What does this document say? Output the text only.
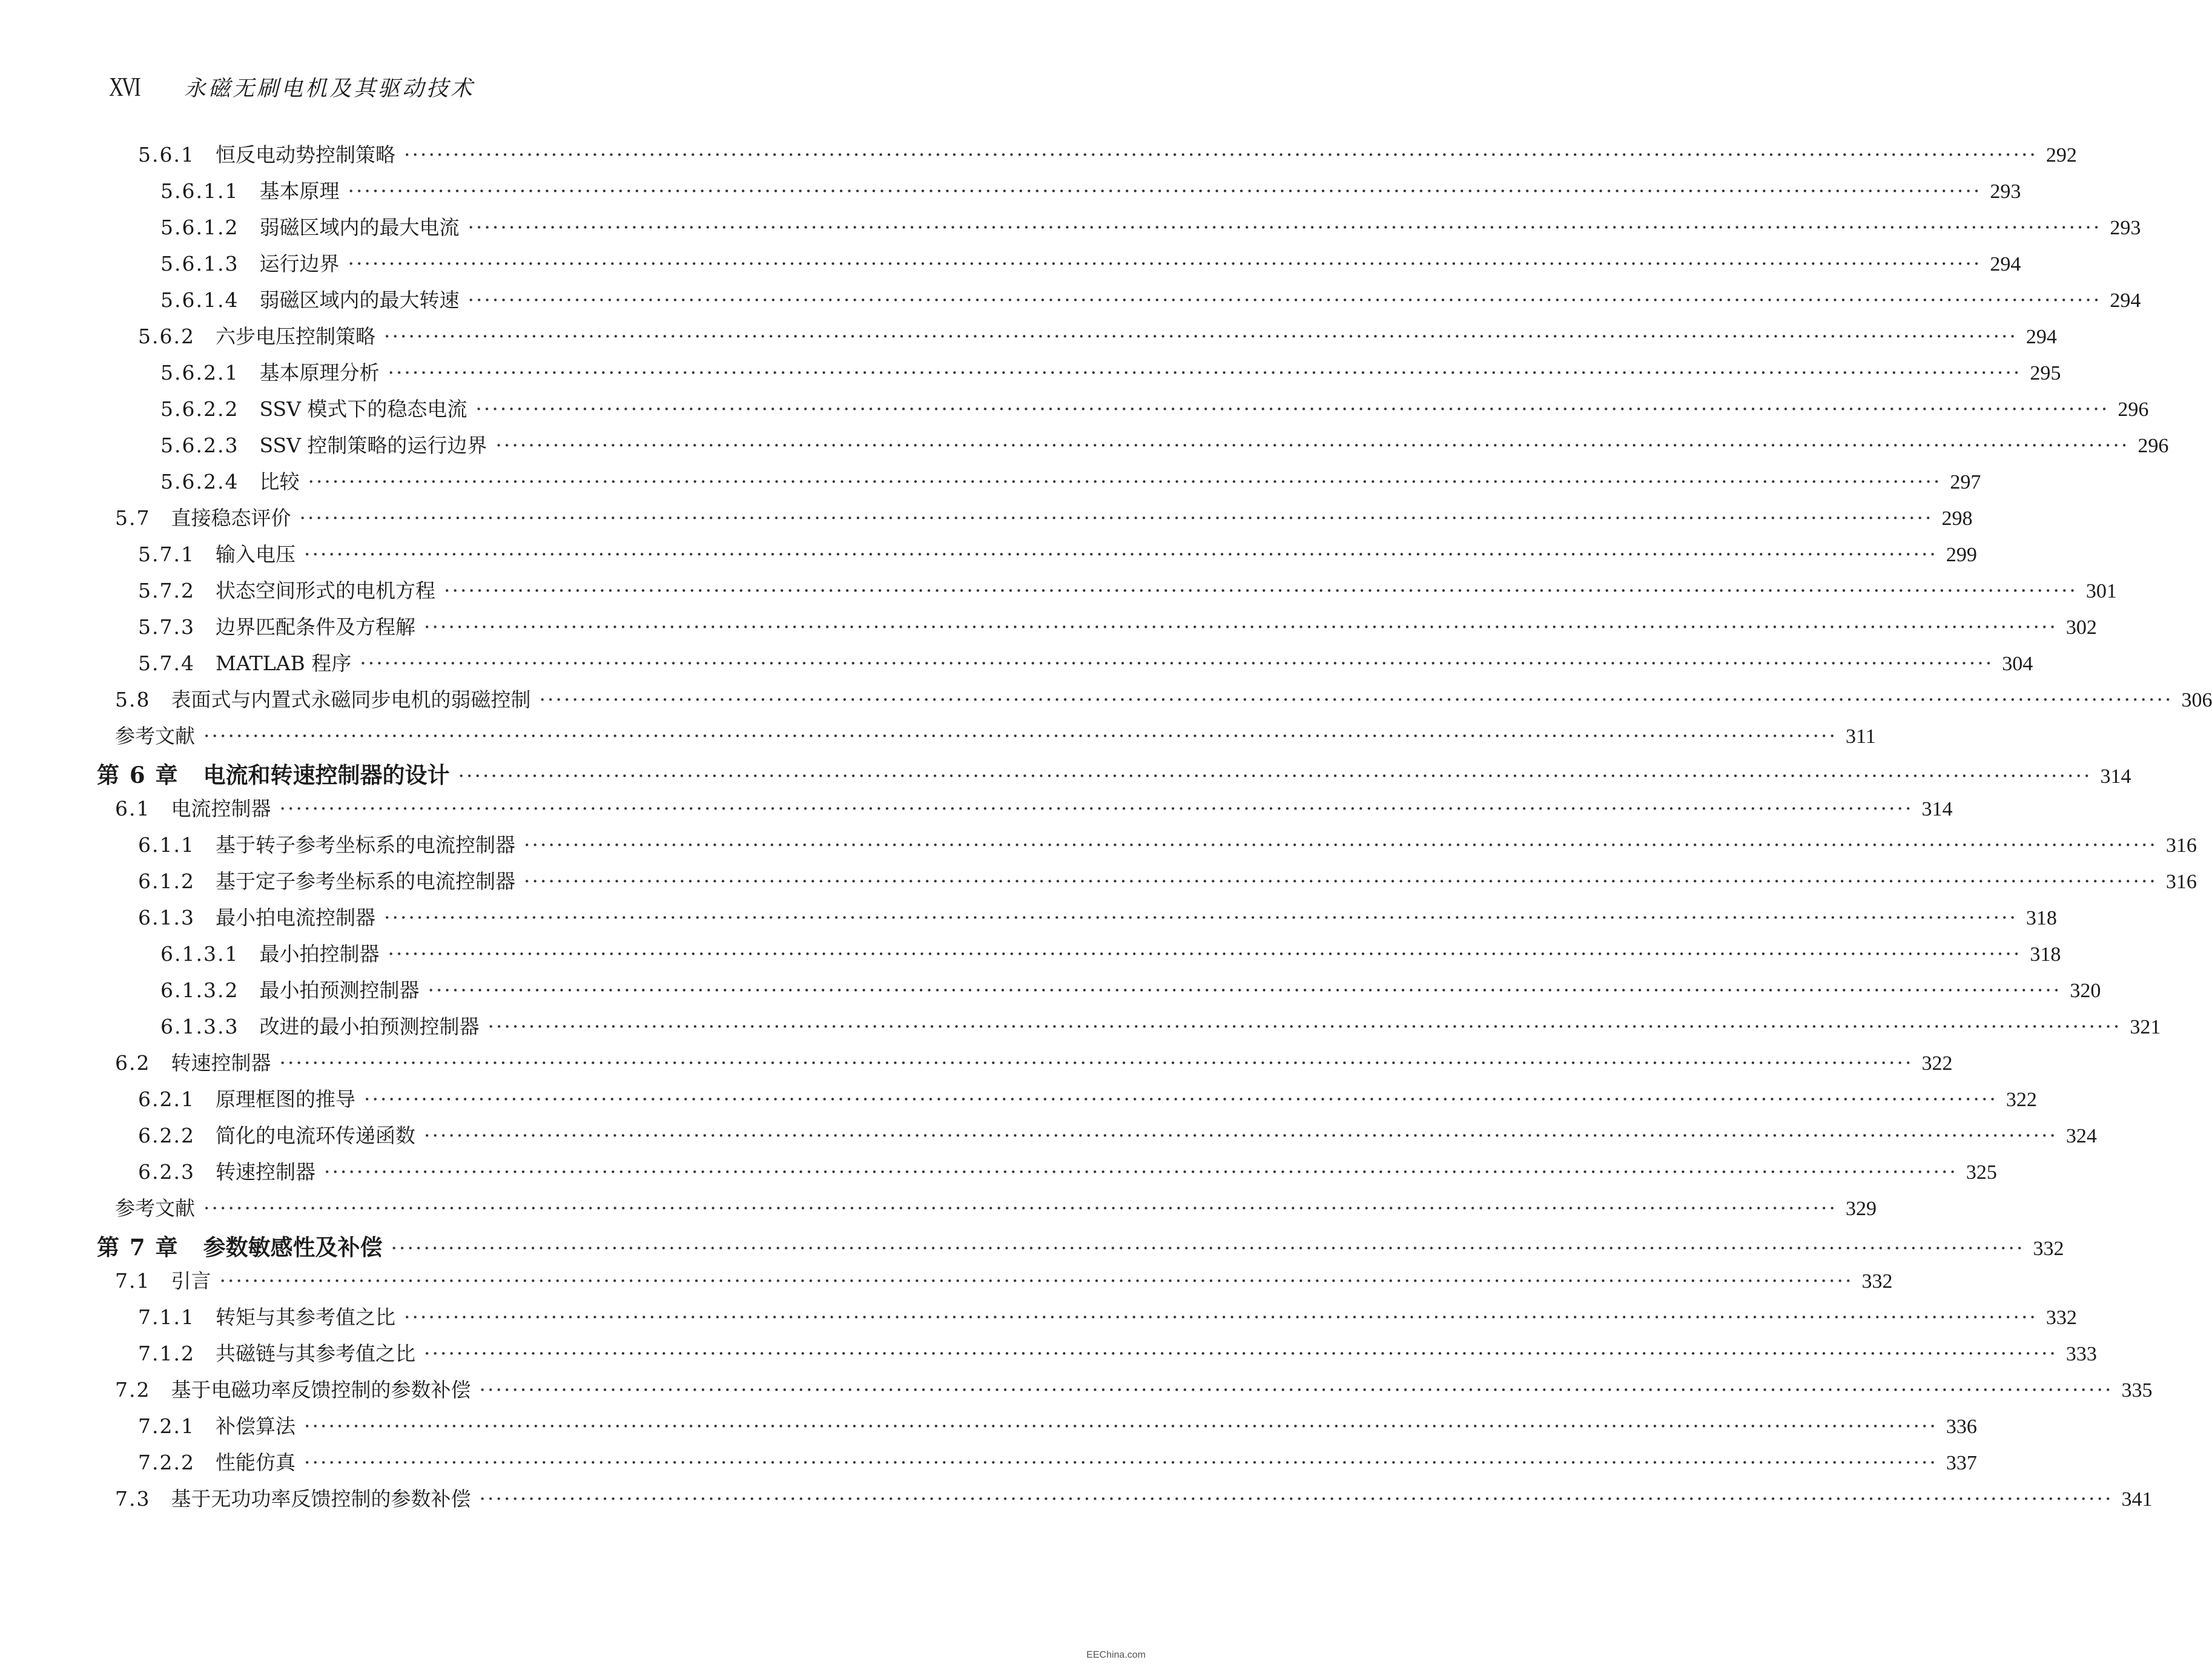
XVI 永磁无刷电机及其驱动技术
5.6.1 恒反电动势控制策略 ········································································································································································································ 292
5.6.1.1 基本原理 ········································································································································································································ 293
5.6.1.2 弱磁区域内的最大电流 ········································································································································································································ 293
5.6.1.3 运行边界 ········································································································································································································ 294
5.6.1.4 弱磁区域内的最大转速 ········································································································································································································ 294
5.6.2 六步电压控制策略 ········································································································································································································ 294
5.6.2.1 基本原理分析 ········································································································································································································ 295
5.6.2.2 SSV 模式下的稳态电流 ········································································································································································································ 296
5.6.2.3 SSV 控制策略的运行边界 ········································································································································································································ 296
5.6.2.4 比较 ········································································································································································································ 297
5.7 直接稳态评价 ········································································································································································································ 298
5.7.1 输入电压 ········································································································································································································ 299
5.7.2 状态空间形式的电机方程 ········································································································································································································ 301
5.7.3 边界匹配条件及方程解 ········································································································································································································ 302
5.7.4 MATLAB 程序 ········································································································································································································ 304
5.8 表面式与内置式永磁同步电机的弱磁控制 ········································································································································································································ 306
参考文献 ········································································································································································································ 311
第 6 章 电流和转速控制器的设计 ········································································································································································································ 314
6.1 电流控制器 ········································································································································································································ 314
6.1.1 基于转子参考坐标系的电流控制器 ········································································································································································································ 316
6.1.2 基于定子参考坐标系的电流控制器 ········································································································································································································ 316
6.1.3 最小拍电流控制器 ········································································································································································································ 318
6.1.3.1 最小拍控制器 ········································································································································································································ 318
6.1.3.2 最小拍预测控制器 ········································································································································································································ 320
6.1.3.3 改进的最小拍预测控制器 ········································································································································································································ 321
6.2 转速控制器 ········································································································································································································ 322
6.2.1 原理框图的推导 ········································································································································································································ 322
6.2.2 简化的电流环传递函数 ········································································································································································································ 324
6.2.3 转速控制器 ········································································································································································································ 325
参考文献 ········································································································································································································ 329
第 7 章 参数敏感性及补偿 ········································································································································································································ 332
7.1 引言 ········································································································································································································ 332
7.1.1 转矩与其参考值之比 ········································································································································································································ 332
7.1.2 共磁链与其参考值之比 ········································································································································································································ 333
7.2 基于电磁功率反馈控制的参数补偿 ········································································································································································································ 335
7.2.1 补偿算法 ········································································································································································································ 336
7.2.2 性能仿真 ········································································································································································································ 337
7.3 基于无功功率反馈控制的参数补偿 ········································································································································································································ 341
EEChina.com
